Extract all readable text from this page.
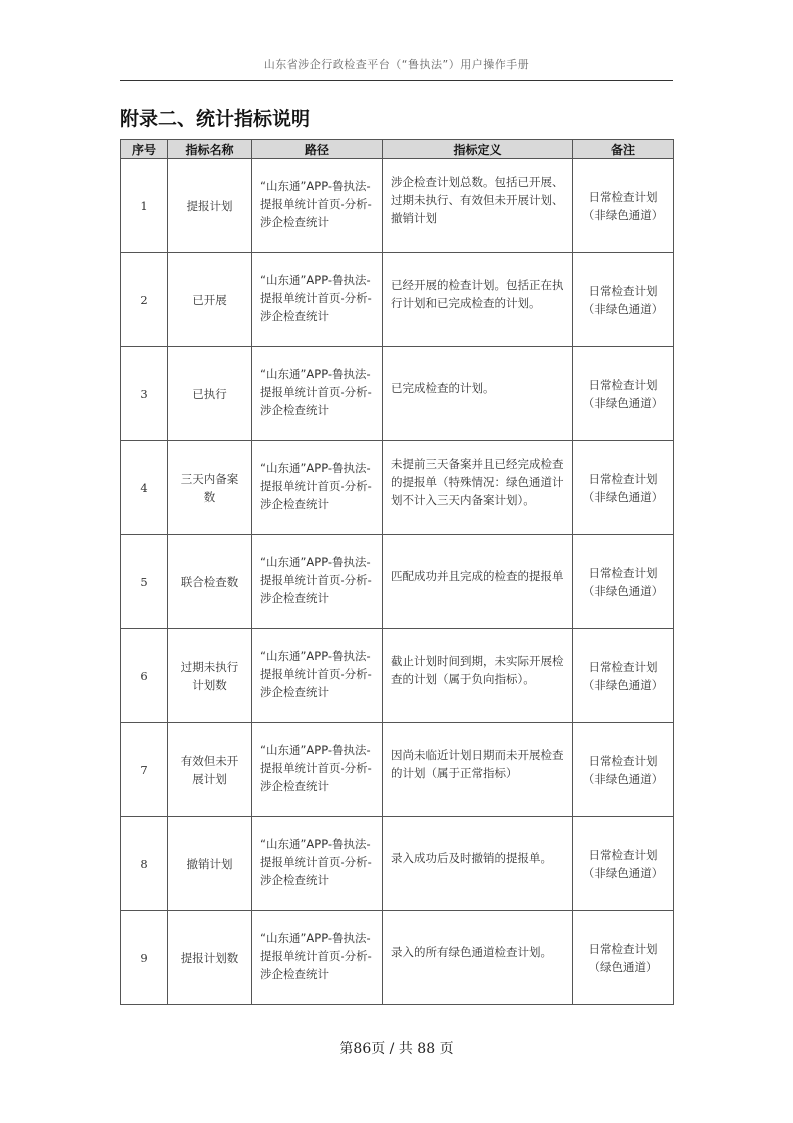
山东省涉企行政检查平台（“鲁执法”）用户操作手册
附录二、统计指标说明
序号	指标名称	路径	指标定义	备注
1	提报计划	“山东通”APP-鲁执法-提报单统计首页-分析-涉企检查统计	涉企检查计划总数。包括已开展、过期未执行、有效但未开展计划、撤销计划	日常检查计划（非绿色通道）
2	已开展	“山东通”APP-鲁执法-提报单统计首页-分析-涉企检查统计	已经开展的检查计划。包括正在执行计划和已完成检查的计划。	日常检查计划（非绿色通道）
3	已执行	“山东通”APP-鲁执法-提报单统计首页-分析-涉企检查统计	已完成检查的计划。	日常检查计划（非绿色通道）
4	三天内备案数	“山东通”APP-鲁执法-提报单统计首页-分析-涉企检查统计	未提前三天备案并且已经完成检查的提报单（特殊情况：绿色通道计划不计入三天内备案计划）。	日常检查计划（非绿色通道）
5	联合检查数	“山东通”APP-鲁执法-提报单统计首页-分析-涉企检查统计	匹配成功并且完成的检查的提报单	日常检查计划（非绿色通道）
6	过期未执行计划数	“山东通”APP-鲁执法-提报单统计首页-分析-涉企检查统计	截止计划时间到期，未实际开展检查的计划（属于负向指标）。	日常检查计划（非绿色通道）
7	有效但未开展计划	“山东通”APP-鲁执法-提报单统计首页-分析-涉企检查统计	因尚未临近计划日期而未开展检查的计划（属于正常指标）	日常检查计划（非绿色通道）
8	撤销计划	“山东通”APP-鲁执法-提报单统计首页-分析-涉企检查统计	录入成功后及时撤销的提报单。	日常检查计划（非绿色通道）
9	提报计划数	“山东通”APP-鲁执法-提报单统计首页-分析-涉企检查统计	录入的所有绿色通道检查计划。	日常检查计划（绿色通道）
第86页 / 共 88 页
